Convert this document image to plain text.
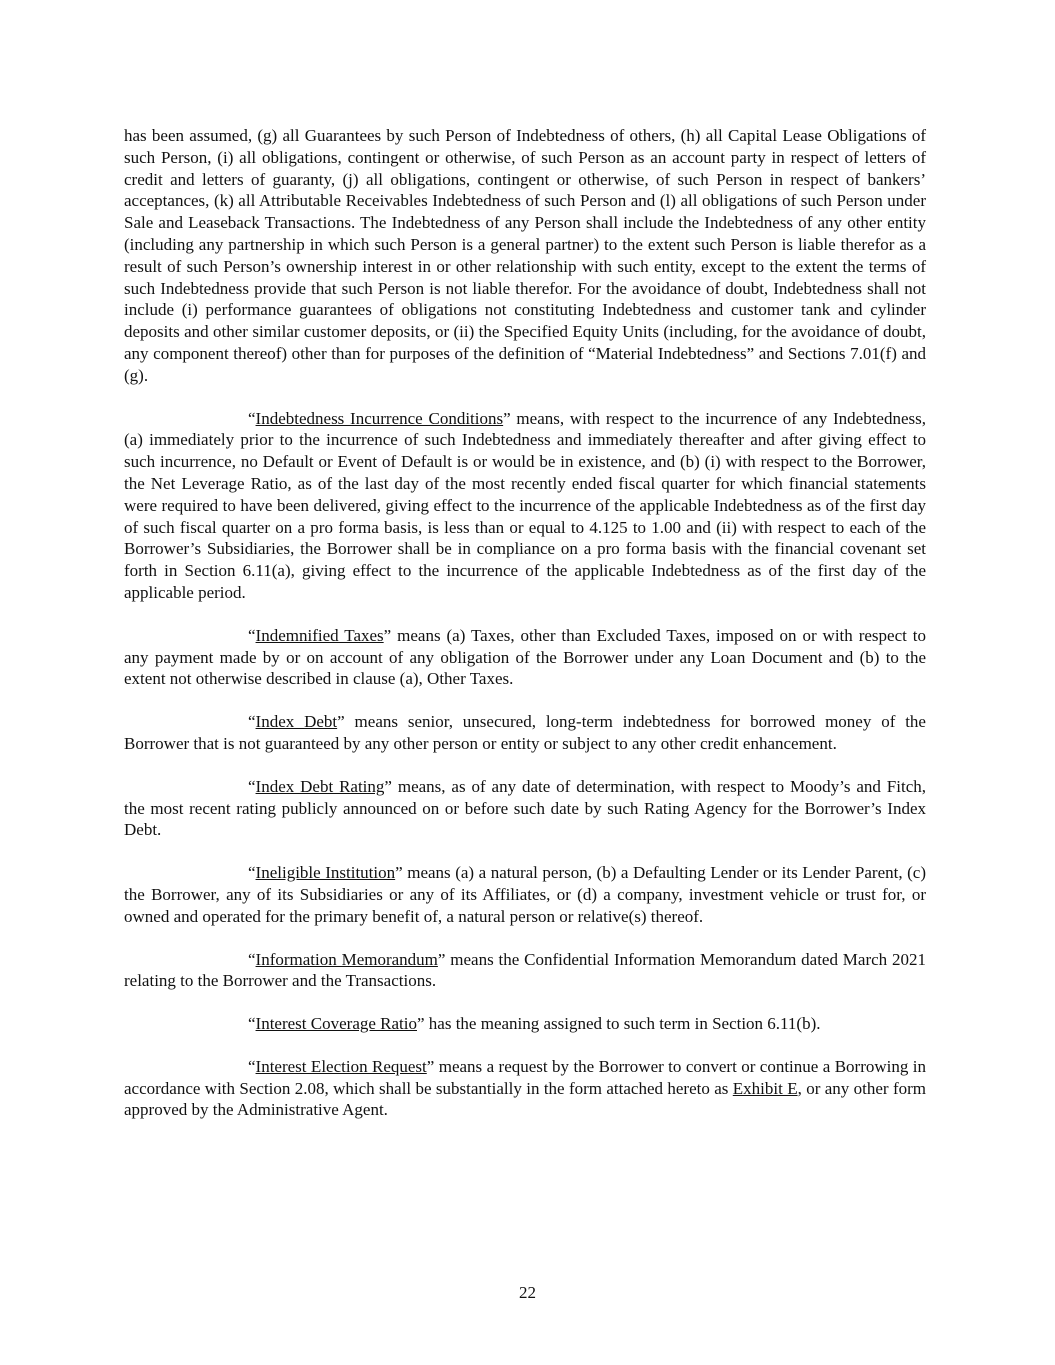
has been assumed, (g) all Guarantees by such Person of Indebtedness of others, (h) all Capital Lease Obligations of such Person, (i) all obligations, contingent or otherwise, of such Person as an account party in respect of letters of credit and letters of guaranty, (j) all obligations, contingent or otherwise, of such Person in respect of bankers’ acceptances, (k) all Attributable Receivables Indebtedness of such Person and (l) all obligations of such Person under Sale and Leaseback Transactions. The Indebtedness of any Person shall include the Indebtedness of any other entity (including any partnership in which such Person is a general partner) to the extent such Person is liable therefor as a result of such Person’s ownership interest in or other relationship with such entity, except to the extent the terms of such Indebtedness provide that such Person is not liable therefor. For the avoidance of doubt, Indebtedness shall not include (i) performance guarantees of obligations not constituting Indebtedness and customer tank and cylinder deposits and other similar customer deposits, or (ii) the Specified Equity Units (including, for the avoidance of doubt, any component thereof) other than for purposes of the definition of “Material Indebtedness” and Sections 7.01(f) and (g).

“Indebtedness Incurrence Conditions” means, with respect to the incurrence of any Indebtedness, (a) immediately prior to the incurrence of such Indebtedness and immediately thereafter and after giving effect to such incurrence, no Default or Event of Default is or would be in existence, and (b) (i) with respect to the Borrower, the Net Leverage Ratio, as of the last day of the most recently ended fiscal quarter for which financial statements were required to have been delivered, giving effect to the incurrence of the applicable Indebtedness as of the first day of such fiscal quarter on a pro forma basis, is less than or equal to 4.125 to 1.00 and (ii) with respect to each of the Borrower’s Subsidiaries, the Borrower shall be in compliance on a pro forma basis with the financial covenant set forth in Section 6.11(a), giving effect to the incurrence of the applicable Indebtedness as of the first day of the applicable period.

“Indemnified Taxes” means (a) Taxes, other than Excluded Taxes, imposed on or with respect to any payment made by or on account of any obligation of the Borrower under any Loan Document and (b) to the extent not otherwise described in clause (a), Other Taxes.

“Index Debt” means senior, unsecured, long-term indebtedness for borrowed money of the Borrower that is not guaranteed by any other person or entity or subject to any other credit enhancement.

“Index Debt Rating” means, as of any date of determination, with respect to Moody’s and Fitch, the most recent rating publicly announced on or before such date by such Rating Agency for the Borrower’s Index Debt.

“Ineligible Institution” means (a) a natural person, (b) a Defaulting Lender or its Lender Parent, (c) the Borrower, any of its Subsidiaries or any of its Affiliates, or (d) a company, investment vehicle or trust for, or owned and operated for the primary benefit of, a natural person or relative(s) thereof.

“Information Memorandum” means the Confidential Information Memorandum dated March 2021 relating to the Borrower and the Transactions.

“Interest Coverage Ratio” has the meaning assigned to such term in Section 6.11(b).

“Interest Election Request” means a request by the Borrower to convert or continue a Borrowing in accordance with Section 2.08, which shall be substantially in the form attached hereto as Exhibit E, or any other form approved by the Administrative Agent.

22
